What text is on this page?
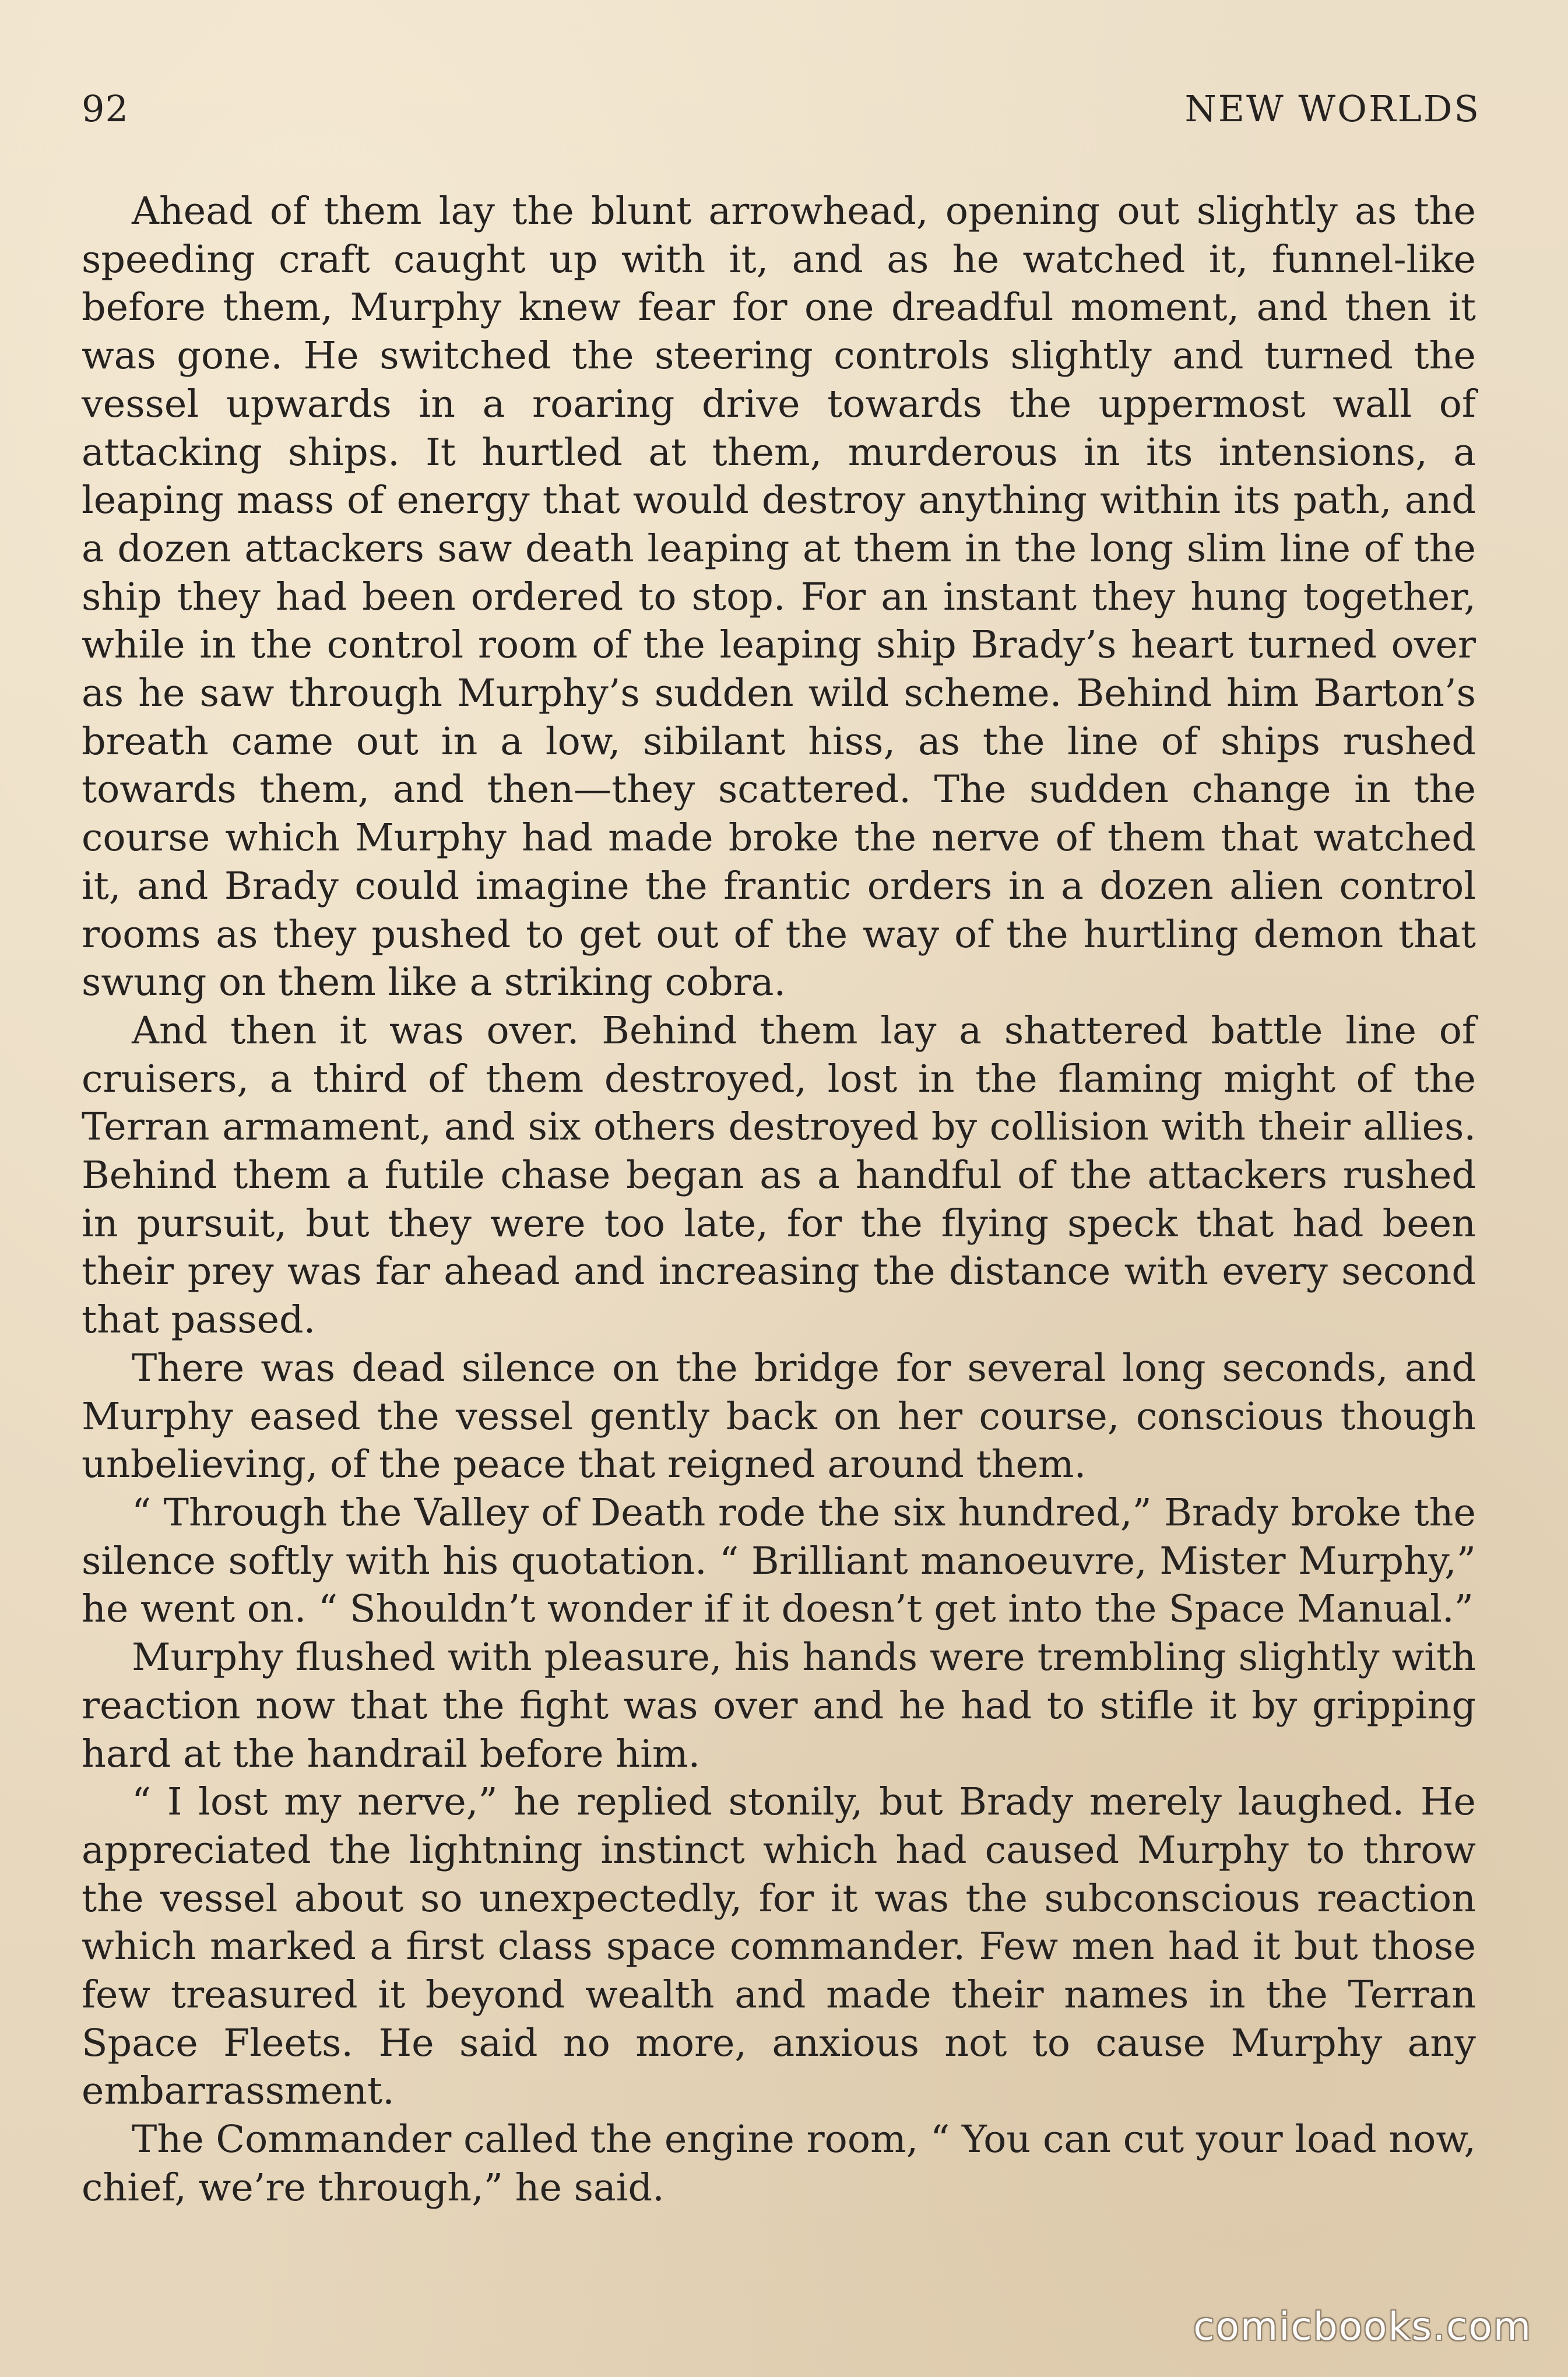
92	NEW WORLDS

Ahead of them lay the blunt arrowhead, opening out slightly as the speeding craft caught up with it, and as he watched it, funnel-like before them, Murphy knew fear for one dreadful moment, and then it was gone. He switched the steering controls slightly and turned the vessel upwards in a roaring drive towards the uppermost wall of attacking ships. It hurtled at them, murderous in its intensions, a leaping mass of energy that would destroy anything within its path, and a dozen attackers saw death leaping at them in the long slim line of the ship they had been ordered to stop. For an instant they hung together, while in the control room of the leaping ship Brady’s heart turned over as he saw through Murphy’s sudden wild scheme. Behind him Barton’s breath came out in a low, sibilant hiss, as the line of ships rushed towards them, and then—they scattered. The sudden change in the course which Murphy had made broke the nerve of them that watched it, and Brady could imagine the frantic orders in a dozen alien control rooms as they pushed to get out of the way of the hurtling demon that swung on them like a striking cobra.

And then it was over. Behind them lay a shattered battle line of cruisers, a third of them destroyed, lost in the flaming might of the Terran armament, and six others destroyed by collision with their allies. Behind them a futile chase began as a handful of the attackers rushed in pursuit, but they were too late, for the flying speck that had been their prey was far ahead and increasing the distance with every second that passed.

There was dead silence on the bridge for several long seconds, and Murphy eased the vessel gently back on her course, conscious though unbelieving, of the peace that reigned around them.

“ Through the Valley of Death rode the six hundred,” Brady broke the silence softly with his quotation. “ Brilliant manoeuvre, Mister Murphy,” he went on. “ Shouldn’t wonder if it doesn’t get into the Space Manual.”

Murphy flushed with pleasure, his hands were trembling slightly with reaction now that the fight was over and he had to stifle it by gripping hard at the handrail before him.

“ I lost my nerve,” he replied stonily, but Brady merely laughed. He appreciated the lightning instinct which had caused Murphy to throw the vessel about so unexpectedly, for it was the subconscious reaction which marked a first class space commander. Few men had it but those few treasured it beyond wealth and made their names in the Terran Space Fleets. He said no more, anxious not to cause Murphy any embarrassment.

The Commander called the engine room, “ You can cut your load now, chief, we’re through,” he said.

comicbooks.com
